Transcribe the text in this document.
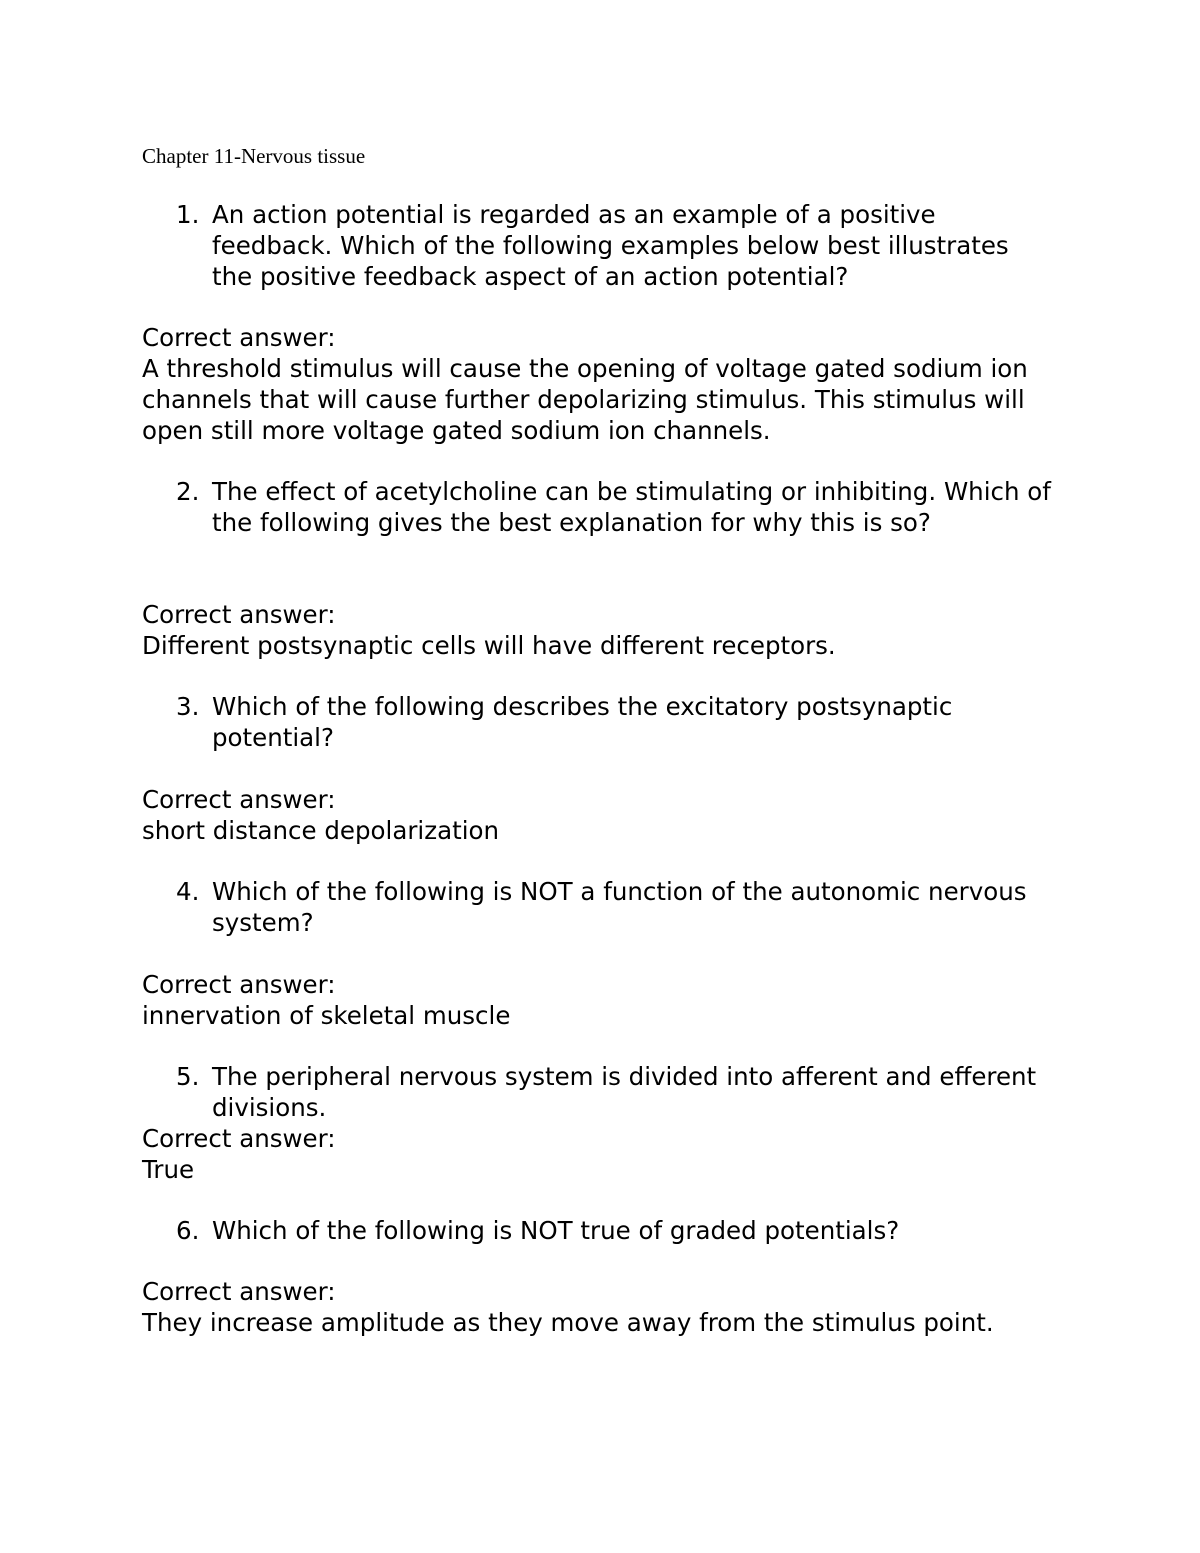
Chapter 11-Nervous tissue
1. An action potential is regarded as an example of a positive feedback. Which of the following examples below best illustrates the positive feedback aspect of an action potential?
Correct answer:
A threshold stimulus will cause the opening of voltage gated sodium ion channels that will cause further depolarizing stimulus. This stimulus will open still more voltage gated sodium ion channels.
2. The effect of acetylcholine can be stimulating or inhibiting. Which of the following gives the best explanation for why this is so?
Correct answer:
Different postsynaptic cells will have different receptors.
3. Which of the following describes the excitatory postsynaptic potential?
Correct answer:
short distance depolarization
4. Which of the following is NOT a function of the autonomic nervous system?
Correct answer:
innervation of skeletal muscle
5. The peripheral nervous system is divided into afferent and efferent divisions.
Correct answer:
True
6. Which of the following is NOT true of graded potentials?
Correct answer:
They increase amplitude as they move away from the stimulus point.
